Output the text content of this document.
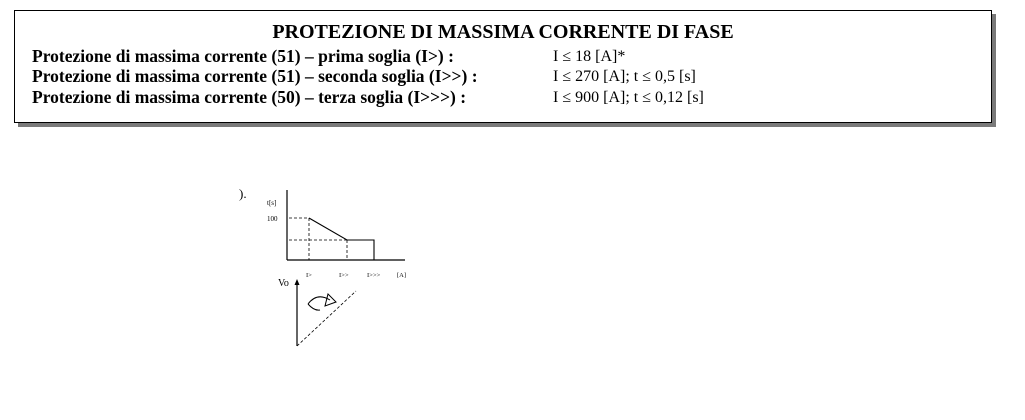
PROTEZIONE DI MASSIMA CORRENTE DI FASE
Protezione di massima corrente (51) – prima soglia (I>) :	I ≤ 18 [A]*
Protezione di massima corrente (51) – seconda soglia (I>>) :	I ≤ 270 [A]; t ≤ 0,5 [s]
Protezione di massima corrente (50) – terza soglia (I>>>) :	I ≤ 900 [A]; t ≤ 0,12 [s]
).
t[s]
100
I>	I>>	I>>>	[A]
Vo
